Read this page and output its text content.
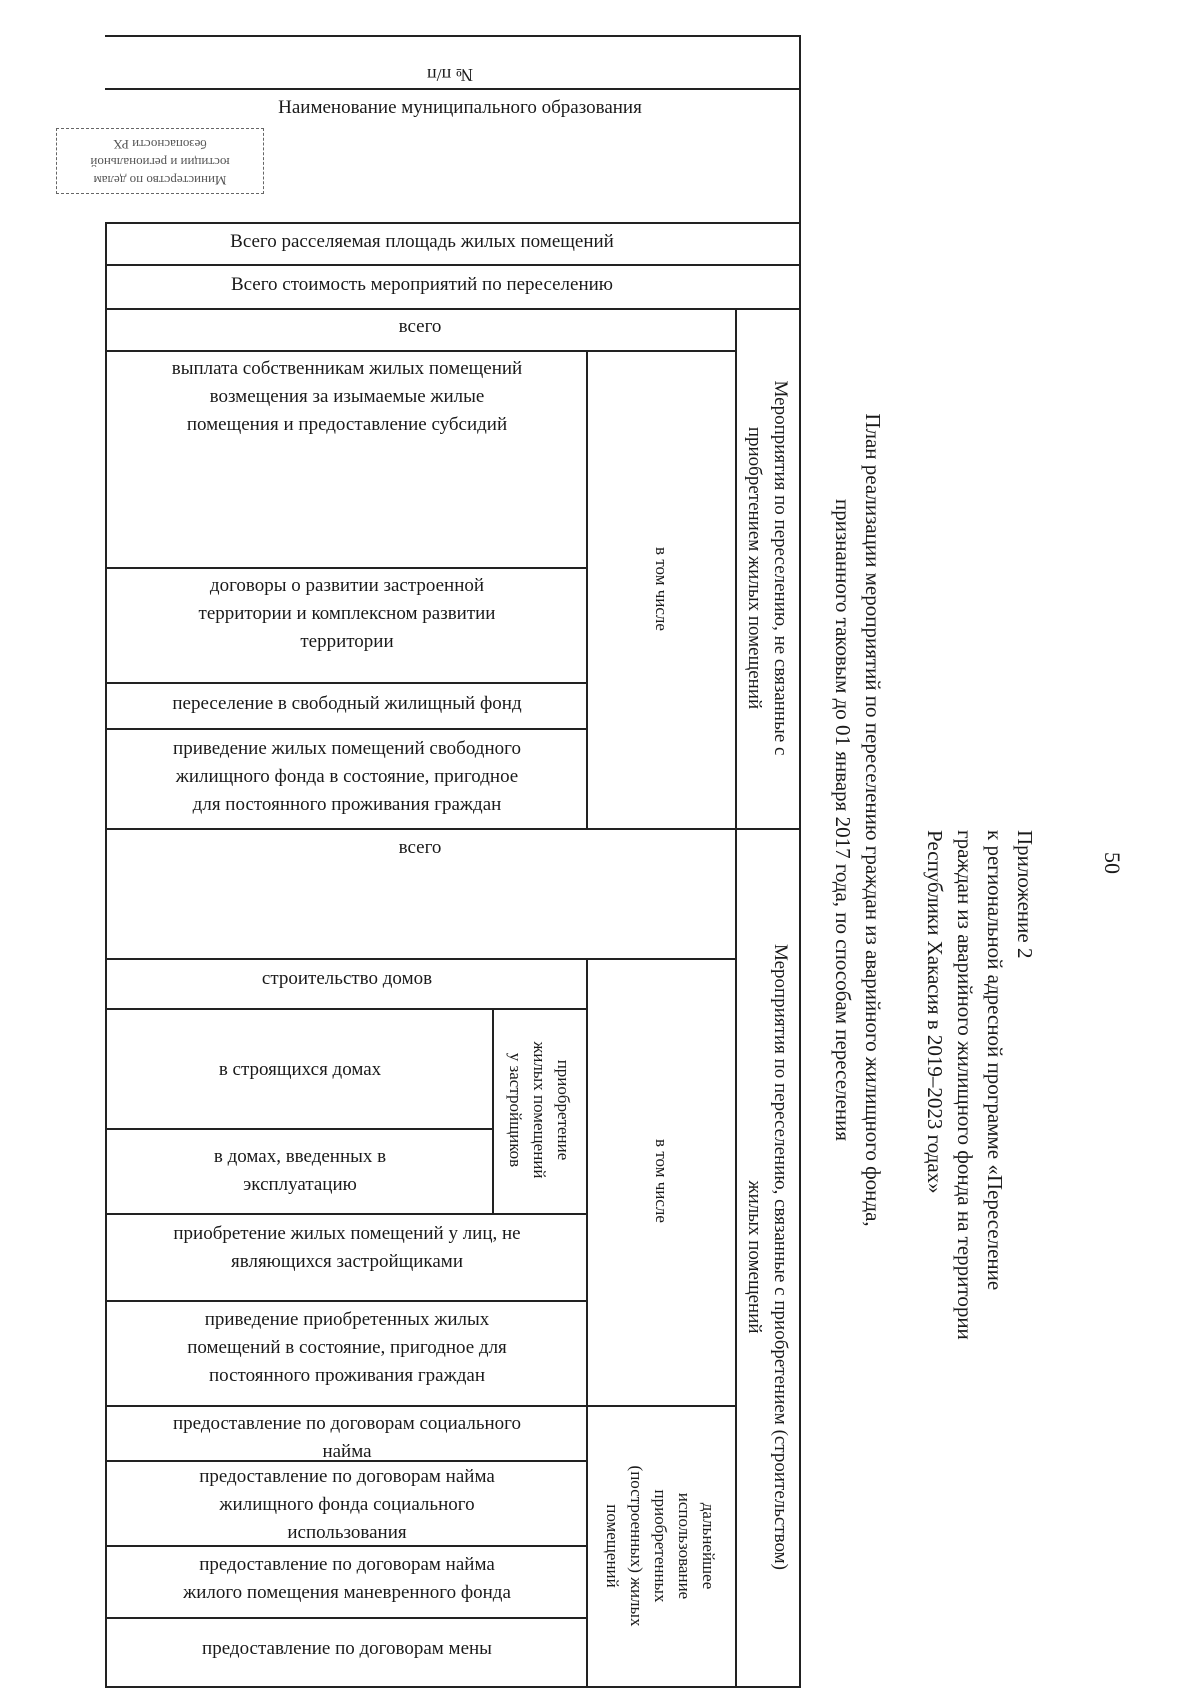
№ п/п
Наименование муниципального образования
Всего расселяемая площадь жилых помещений
Всего стоимость мероприятий по переселению
всего
выплата собственникам жилых помещений
возмещения за изымаемые жилые
помещения и предоставление субсидий
договоры о развитии застроенной
территории и комплексном развитии
территории
переселение в свободный жилищный фонд
приведение жилых помещений свободного
жилищного фонда в состояние, пригодное
для постоянного проживания граждан
всего
строительство домов
в строящихся домах
в домах, введенных в
эксплуатацию
приобретение жилых помещений у лиц, не
являющихся застройщиками
приведение приобретенных жилых
помещений в состояние, пригодное для
постоянного проживания граждан
предоставление по договорам социального
найма
предоставление по договорам найма
жилищного фонда социального
использования
предоставление по договорам найма
жилого помещения маневренного фонда
предоставление по договорам мены
Мероприятия по переселению, не связанные с
приобретением жилых помещений
в том числе
Мероприятия по переселению, связанные с приобретением (строительством)
жилых помещений
в том числе
приобретение
жилых помещений
у застройщиков
дальнейшее
использование
приобретенных
(построенных) жилых
помещений
План реализации мероприятий по переселению граждан из аварийного жилищного фонда,
признанного таковым до 01 января 2017 года, по способам переселения	Приложение 2
к региональной адресной программе «Переселение
граждан из аварийного жилищного фонда на территории
Республики Хакасия в 2019–2023 годах»	50
Министерство по делам
юстиции и региональной
безопасности РХ
